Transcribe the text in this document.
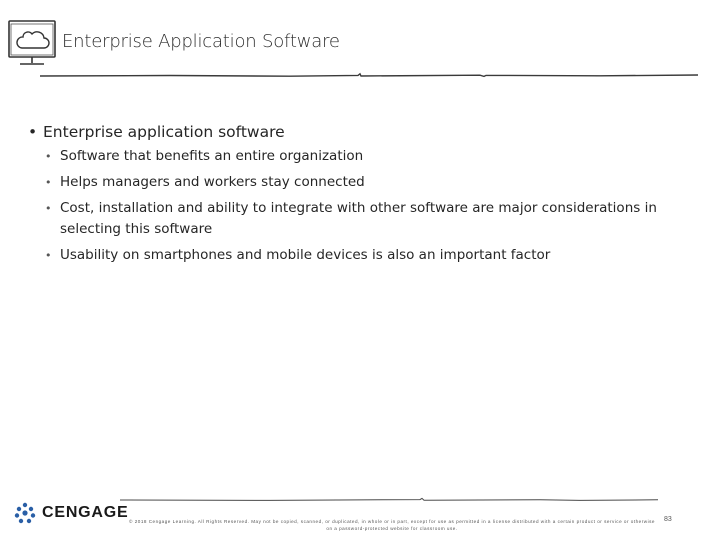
Enterprise Application Software
• Enterprise application software
• Software that benefits an entire organization
• Helps managers and workers stay connected
• Cost, installation and ability to integrate with other software are major considerations in selecting this software
• Usability on smartphones and mobile devices is also an important factor
CENGAGE
© 2018 Cengage Learning. All Rights Reserved. May not be copied, scanned, or duplicated, in whole or in part, except for use as permitted in a license distributed with a certain product or service or otherwise on a password-protected website for classroom use.
83
